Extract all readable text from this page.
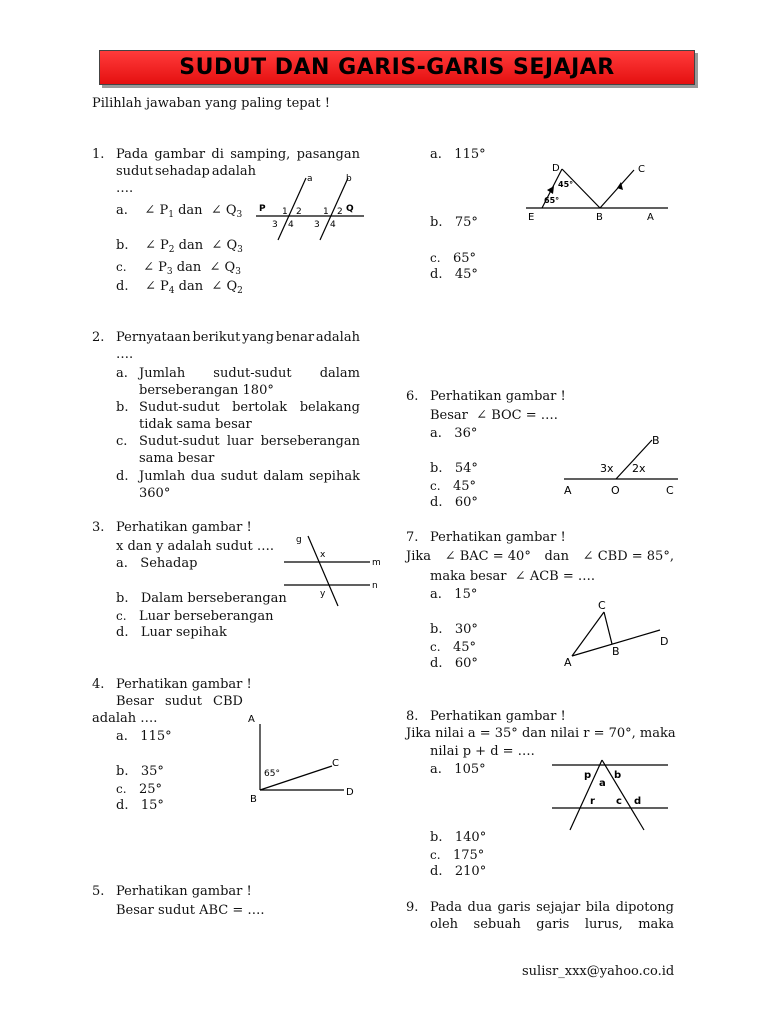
SUDUT DAN GARIS-GARIS SEJAJAR
Pilihlah jawaban yang paling tepat !
1. Pada gambar di samping, pasangan
sudut sehadap adalah
….
a. ∠ $P_1$ dan ∠ $Q_3$
b. ∠ $P_2$ dan ∠ $Q_3$
c. ∠ $P_3$ dan ∠ $Q_3$
d. ∠ $P_4$ dan ∠ $Q_2$
a	b
P	Q
1 2
3 4
1 2
3 4
2. Pernyataan berikut yang benar adalah
….
a. Jumlah sudut-sudut dalam
berseberangan 180°
b. Sudut-sudut bertolak belakang
tidak sama besar
c. Sudut-sudut luar berseberangan
sama besar
d. Jumlah dua sudut dalam sepihak
360°
3. Perhatikan gambar !
x dan y adalah sudut ….
a. Sehadap
b. Dalam berseberangan
c. Luar berseberangan
d. Luar sepihak
g
x
y
m
n
4. Perhatikan gambar !
Besar sudut CBD
adalah ….
a. 115°
b. 35°
c. 25°
d. 15°
A
B
C
D
65°
5. Perhatikan gambar !
Besar sudut ABC = ….
a. 115°
b. 75°
c. 65°
d. 45°
D	C
E	B	A
45°
65°
6. Perhatikan gambar !
Besar ∠ BOC = ….
a. 36°
b. 54°
c. 45°
d. 60°
B
3x 2x
A	O	C
7. Perhatikan gambar !
Jika ∠ BAC = 40° dan ∠ CBD = 85°,
maka besar ∠ ACB = ….
a. 15°
b. 30°
c. 45°
d. 60°
C
A
B
D
8. Perhatikan gambar !
Jika nilai a = 35° dan nilai r = 70°, maka
nilai p + d = ….
a. 105°
b. 140°
c. 175°
d. 210°
p
a
b
r c d
9. Pada dua garis sejajar bila dipotong
oleh sebuah garis lurus, maka
sulisr_xxx@yahoo.co.id
